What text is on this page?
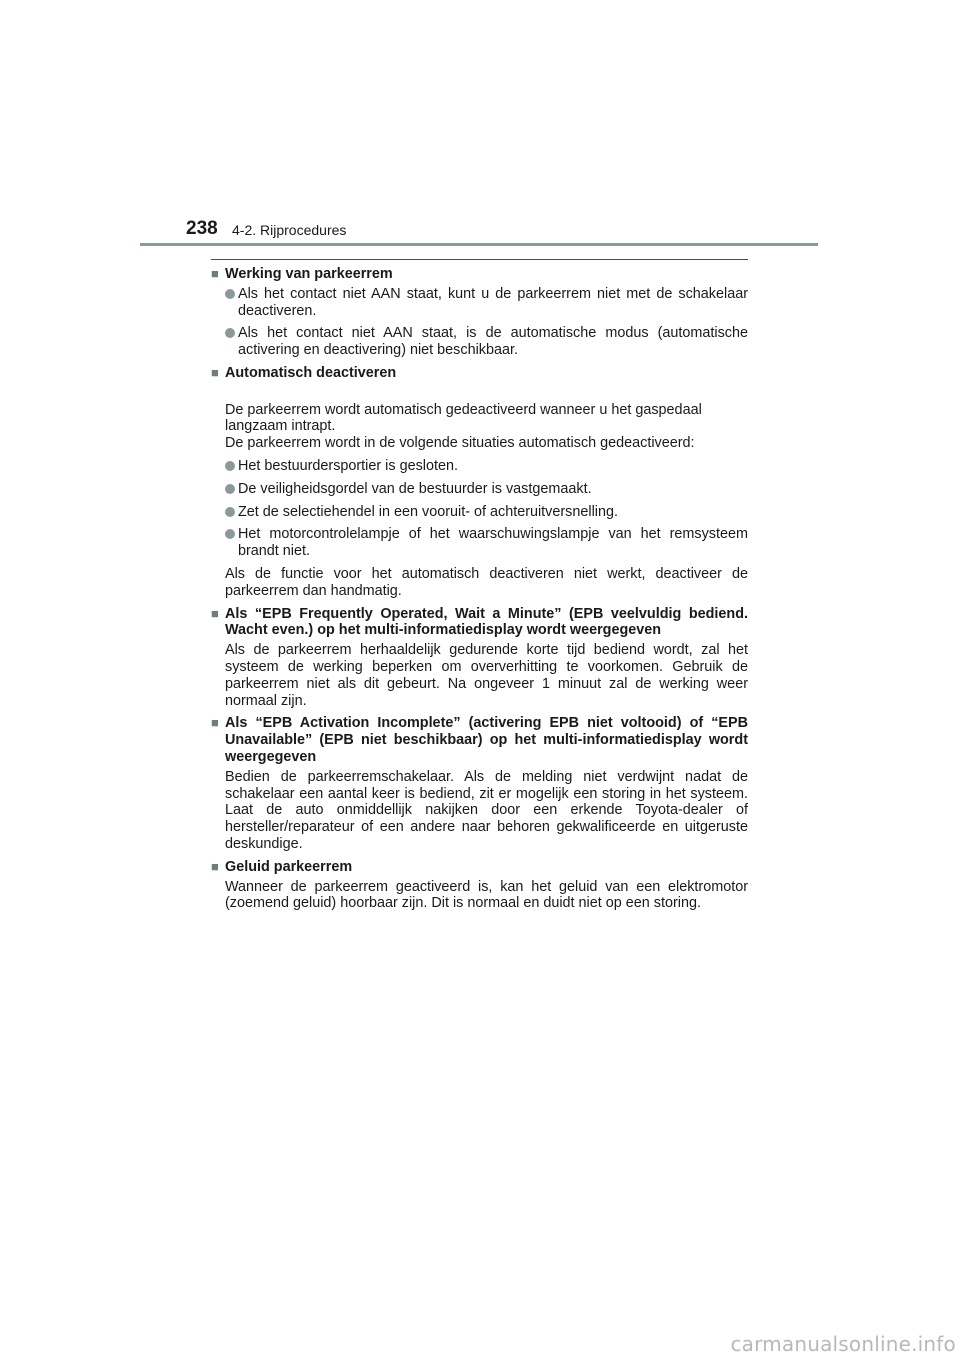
238 4-2. Rijprocedures
■ Werking van parkeerrem
Als het contact niet AAN staat, kunt u de parkeerrem niet met de schakelaar deactiveren.
Als het contact niet AAN staat, is de automatische modus (automatische activering en deactivering) niet beschikbaar.
■ Automatisch deactiveren

De parkeerrem wordt automatisch gedeactiveerd wanneer u het gaspedaal langzaam intrapt.
De parkeerrem wordt in de volgende situaties automatisch gedeactiveerd:

Het bestuurdersportier is gesloten.
De veiligheidsgordel van de bestuurder is vastgemaakt.
Zet de selectiehendel in een vooruit- of achteruitversnelling.
Het motorcontrolelampje of het waarschuwingslampje van het remsysteem brandt niet.
Als de functie voor het automatisch deactiveren niet werkt, deactiveer de parkeerrem dan handmatig.
■ Als “EPB Frequently Operated, Wait a Minute” (EPB veelvuldig bediend. Wacht even.) op het multi-informatiedisplay wordt weergegeven
Als de parkeerrem herhaaldelijk gedurende korte tijd bediend wordt, zal het systeem de werking beperken om oververhitting te voorkomen. Gebruik de parkeerrem niet als dit gebeurt. Na ongeveer 1 minuut zal de werking weer normaal zijn.
■ Als “EPB Activation Incomplete” (activering EPB niet voltooid) of “EPB Unavailable” (EPB niet beschikbaar) op het multi-informatiedisplay wordt weergegeven
Bedien de parkeerremschakelaar. Als de melding niet verdwijnt nadat de schakelaar een aantal keer is bediend, zit er mogelijk een storing in het systeem. Laat de auto onmiddellijk nakijken door een erkende Toyota-dealer of hersteller/reparateur of een andere naar behoren gekwalificeerde en uitgeruste deskundige.
■ Geluid parkeerrem
Wanneer de parkeerrem geactiveerd is, kan het geluid van een elektromotor (zoemend geluid) hoorbaar zijn. Dit is normaal en duidt niet op een storing.
carmanualsonline.info
